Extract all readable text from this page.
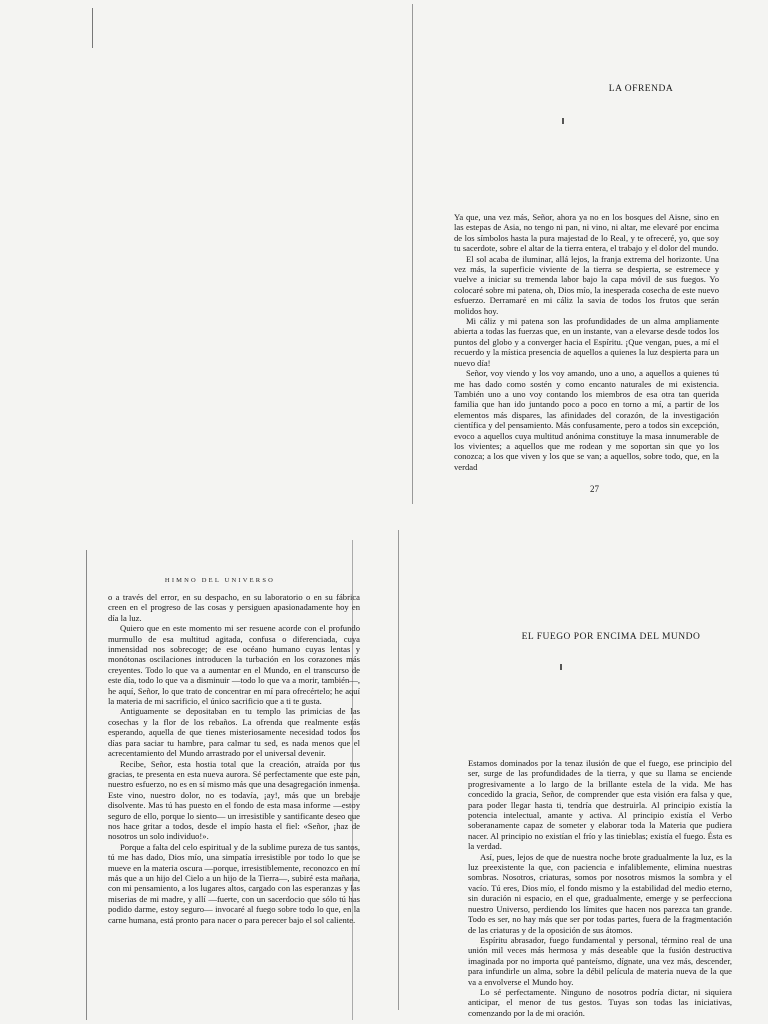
LA OFRENDA

Ya que, una vez más, Señor, ahora ya no en los bosques del Aisne, sino en las estepas de Asia, no tengo ni pan, ni vino, ni altar, me elevaré por encima de los símbolos hasta la pura majestad de lo Real, y te ofreceré, yo, que soy tu sacerdote, sobre el altar de la tierra entera, el trabajo y el dolor del mundo.

El sol acaba de iluminar, allá lejos, la franja extrema del horizonte. Una vez más, la superficie viviente de la tierra se despierta, se estremece y vuelve a iniciar su tremenda labor bajo la capa móvil de sus fuegos. Yo colocaré sobre mi patena, oh, Dios mío, la inesperada cosecha de este nuevo esfuerzo. Derramaré en mi cáliz la savia de todos los frutos que serán molidos hoy.

Mi cáliz y mi patena son las profundidades de un alma ampliamente abierta a todas las fuerzas que, en un instante, van a elevarse desde todos los puntos del globo y a converger hacia el Espíritu. ¡Que vengan, pues, a mí el recuerdo y la mística presencia de aquellos a quienes la luz despierta para un nuevo día!

Señor, voy viendo y los voy amando, uno a uno, a aquellos a quienes tú me has dado como sostén y como encanto naturales de mi existencia. También uno a uno voy contando los miembros de esa otra tan querida familia que han ido juntando poco a poco en torno a mí, a partir de los elementos más dispares, las afinidades del corazón, de la investigación científica y del pensamiento. Más confusamente, pero a todos sin excepción, evoco a aquellos cuya multitud anónima constituye la masa innumerable de los vivientes; a aquellos que me rodean y me soportan sin que yo los conozca; a los que viven y los que se van; a aquellos, sobre todo, que, en la verdad

27
HIMNO DEL UNIVERSO

o a través del error, en su despacho, en su laboratorio o en su fábrica creen en el progreso de las cosas y persiguen apasionadamente hoy en día la luz.

Quiero que en este momento mi ser resuene acorde con el profundo murmullo de esa multitud agitada, confusa o diferenciada, cuya inmensidad nos sobrecoge; de ese océano humano cuyas lentas y monótonas oscilaciones introducen la turbación en los corazones más creyentes. Todo lo que va a aumentar en el Mundo, en el transcurso de este día, todo lo que va a disminuir —todo lo que va a morir, también—, he aquí, Señor, lo que trato de concentrar en mí para ofrecértelo; he aquí la materia de mi sacrificio, el único sacrificio que a ti te gusta.

Antiguamente se depositaban en tu templo las primicias de las cosechas y la flor de los rebaños. La ofrenda que realmente estás esperando, aquella de que tienes misteriosamente necesidad todos los días para saciar tu hambre, para calmar tu sed, es nada menos que el acrecentamiento del Mundo arrastrado por el universal devenir.

Recibe, Señor, esta hostia total que la creación, atraída por tus gracias, te presenta en esta nueva aurora. Sé perfectamente que este pan, nuestro esfuerzo, no es en sí mismo más que una desagregación inmensa. Este vino, nuestro dolor, no es todavía, ¡ay!, más que un brebaje disolvente. Mas tú has puesto en el fondo de esta masa informe —estoy seguro de ello, porque lo siento— un irresistible y santificante deseo que nos hace gritar a todos, desde el impío hasta el fiel: «Señor, ¡haz de nosotros un solo individuo!».

Porque a falta del celo espiritual y de la sublime pureza de tus santos, tú me has dado, Dios mío, una simpatía irresistible por todo lo que se mueve en la materia oscura —porque, irresistiblemente, reconozco en mí más que a un hijo del Cielo a un hijo de la Tierra—, subiré esta mañana, con mi pensamiento, a los lugares altos, cargado con las esperanzas y las miserias de mi madre, y allí —fuerte, con un sacerdocio que sólo tú has podido darme, estoy seguro— invocaré al fuego sobre todo lo que, en la carne humana, está pronto para nacer o para perecer bajo el sol caliente.

EL FUEGO POR ENCIMA DEL MUNDO

Estamos dominados por la tenaz ilusión de que el fuego, ese principio del ser, surge de las profundidades de la tierra, y que su llama se enciende progresivamente a lo largo de la brillante estela de la vida. Me has concedido la gracia, Señor, de comprender que esta visión era falsa y que, para poder llegar hasta ti, tendría que destruirla. Al principio existía la potencia intelectual, amante y activa. Al principio existía el Verbo soberanamente capaz de someter y elaborar toda la Materia que pudiera nacer. Al principio no existían el frío y las tinieblas; existía el fuego. Ésta es la verdad.

Así, pues, lejos de que de nuestra noche brote gradualmente la luz, es la luz preexistente la que, con paciencia e infaliblemente, elimina nuestras sombras. Nosotros, criaturas, somos por nosotros mismos la sombra y el vacío. Tú eres, Dios mío, el fondo mismo y la estabilidad del medio eterno, sin duración ni espacio, en el que, gradualmente, emerge y se perfecciona nuestro Universo, perdiendo los límites que hacen nos parezca tan grande. Todo es ser, no hay más que ser por todas partes, fuera de la fragmentación de las criaturas y de la oposición de sus átomos.

Espíritu abrasador, fuego fundamental y personal, término real de una unión mil veces más hermosa y más deseable que la fusión destructiva imaginada por no importa qué panteísmo, dígnate, una vez más, descender, para infundirle un alma, sobre la débil película de materia nueva de la que va a envolverse el Mundo hoy.

Lo sé perfectamente. Ninguno de nosotros podría dictar, ni siquiera anticipar, el menor de tus gestos. Tuyas son todas las iniciativas, comenzando por la de mi oración.
